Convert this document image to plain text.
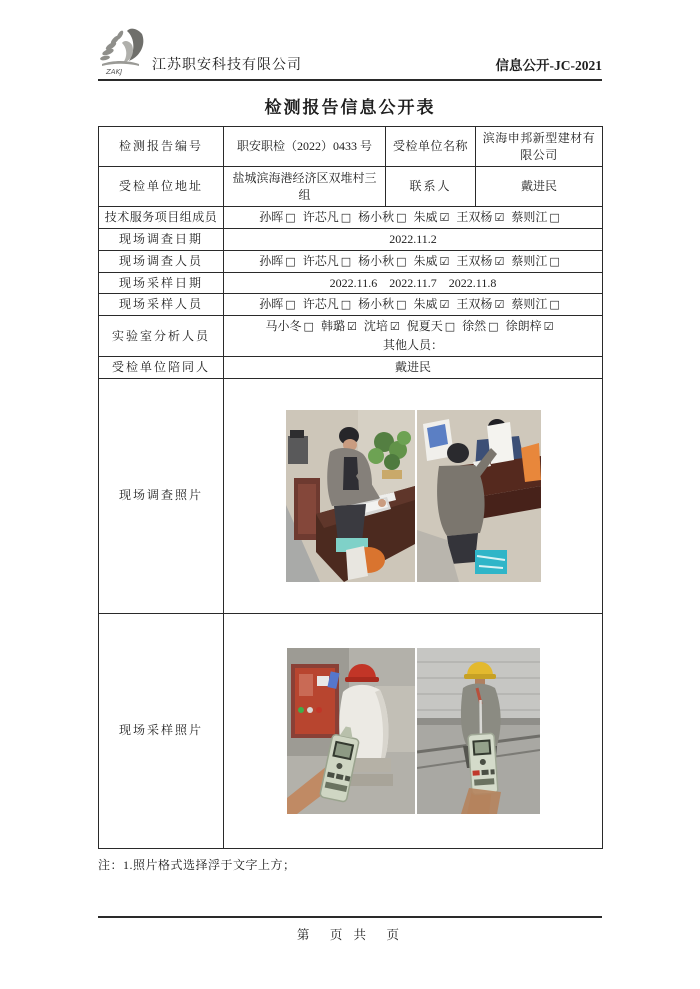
ZAKJ 江苏职安科技有限公司	信息公开-JC-2021
检测报告信息公开表
检测报告编号	职安职检（2022）0433 号	受检单位名称	滨海申邦新型建材有限公司
受检单位地址	盐城滨海港经济区双堆村三组	联系人	戴进民
技术服务项目组成员	孙晖 □ 许芯凡 □ 杨小秋 □ 朱威 ☑ 王双杨 ☑ 蔡则江 □		
现场调查日期	2022.11.2		
现场调查人员	孙晖 □ 许芯凡 □ 杨小秋 □ 朱威 ☑ 王双杨 ☑ 蔡则江 □		
现场采样日期	2022.11.6　2022.11.7　2022.11.8		
现场采样人员	孙晖 □ 许芯凡 □ 杨小秋 □ 朱威 ☑ 王双杨 ☑ 蔡则江 □		
实验室分析人员	马小冬 □ 韩璐 ☑ 沈培 ☑ 倪夏天 □ 徐然 □ 徐朗梓 ☑
其他人员：		

受检单位陪同人	戴进民		
现场调查照片	

现场采样照片	
注：1.照片格式选择浮于文字上方；
第　页 共　页
